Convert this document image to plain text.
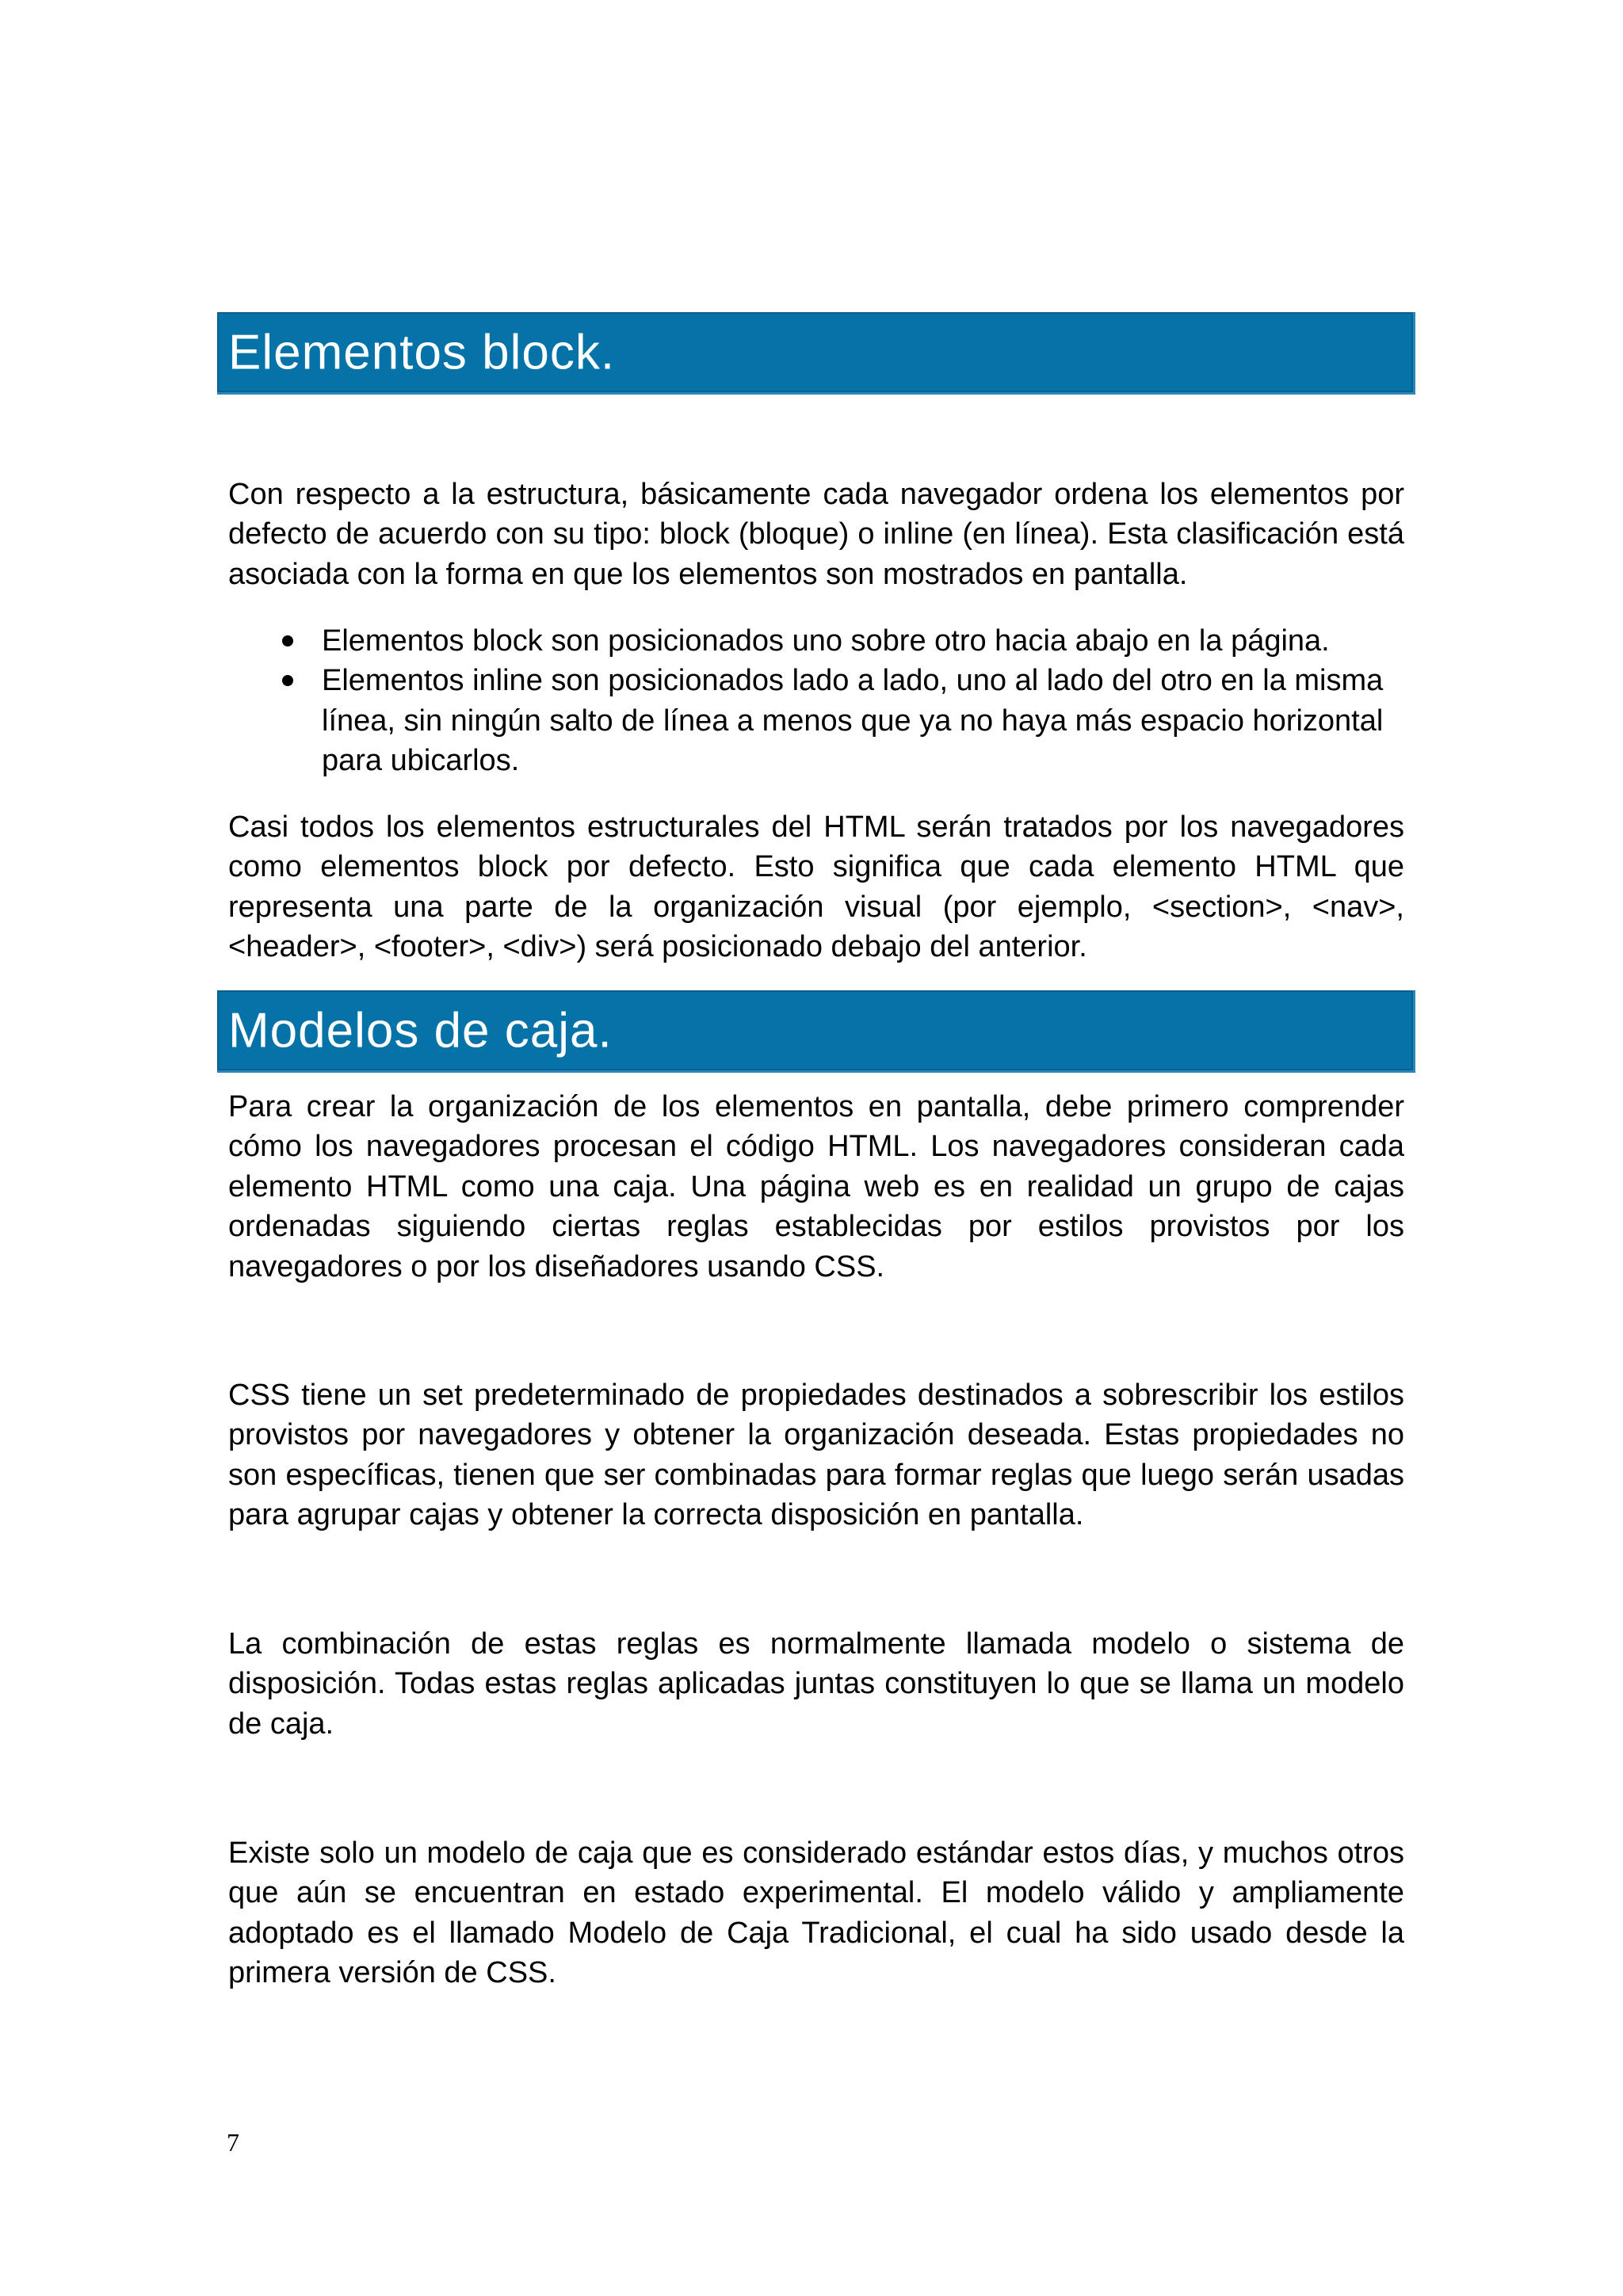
Elementos block.

Con respecto a la estructura, básicamente cada navegador ordena los elementos por defecto de acuerdo con su tipo: block (bloque) o inline (en línea). Esta clasificación está asociada con la forma en que los elementos son mostrados en pantalla.

Elementos block son posicionados uno sobre otro hacia abajo en la página.
Elementos inline son posicionados lado a lado, uno al lado del otro en la misma línea, sin ningún salto de línea a menos que ya no haya más espacio horizontal para ubicarlos.

Casi todos los elementos estructurales del HTML serán tratados por los navegadores como elementos block por defecto. Esto significa que cada elemento HTML que representa una parte de la organización visual (por ejemplo, <section>, <nav>, <header>, <footer>, <div>) será posicionado debajo del anterior.

Modelos de caja.

Para crear la organización de los elementos en pantalla, debe primero comprender cómo los navegadores procesan el código HTML. Los navegadores consideran cada elemento HTML como una caja. Una página web es en realidad un grupo de cajas ordenadas siguiendo ciertas reglas establecidas por estilos provistos por los navegadores o por los diseñadores usando CSS.

CSS tiene un set predeterminado de propiedades destinados a sobrescribir los estilos provistos por navegadores y obtener la organización deseada. Estas propiedades no son específicas, tienen que ser combinadas para formar reglas que luego serán usadas para agrupar cajas y obtener la correcta disposición en pantalla.

La combinación de estas reglas es normalmente llamada modelo o sistema de disposición. Todas estas reglas aplicadas juntas constituyen lo que se llama un modelo de caja.

Existe solo un modelo de caja que es considerado estándar estos días, y muchos otros que aún se encuentran en estado experimental. El modelo válido y ampliamente adoptado es el llamado Modelo de Caja Tradicional, el cual ha sido usado desde la primera versión de CSS.

7
